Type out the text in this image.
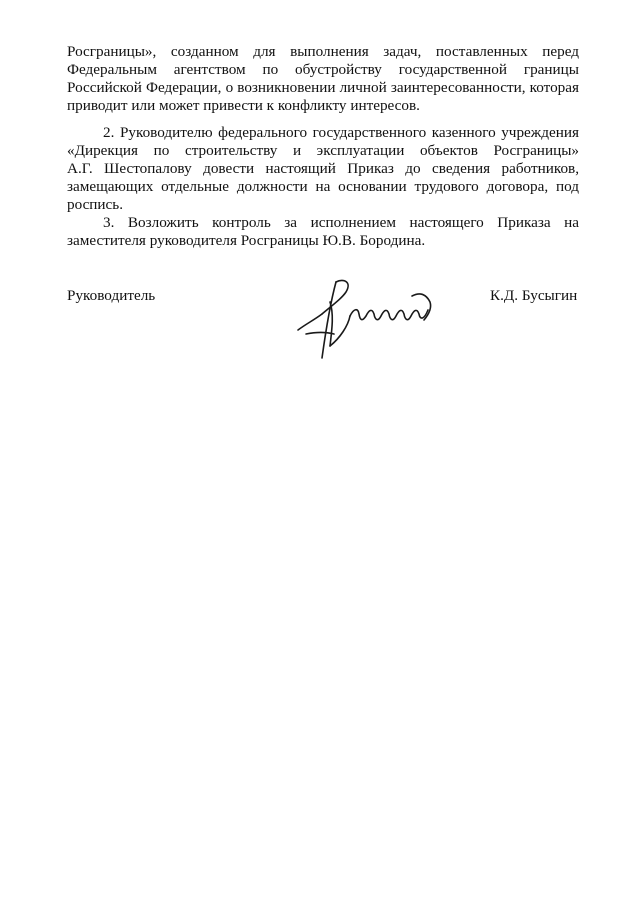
Росграницы», созданном для выполнения задач, поставленных перед
Федеральным агентством по обустройству государственной границы
Российской Федерации, о возникновении личной заинтересованности, которая
приводит или может привести к конфликту интересов.
2. Руководителю федерального государственного казенного учреждения
«Дирекция по строительству и эксплуатации объектов Росграницы»
А.Г. Шестопалову довести настоящий Приказ до сведения работников,
замещающих отдельные должности на основании трудового договора, под
роспись.
3. Возложить контроль за исполнением настоящего Приказа на
заместителя руководителя Росграницы Ю.В. Бородина.
Руководитель	К.Д. Бусыгин
